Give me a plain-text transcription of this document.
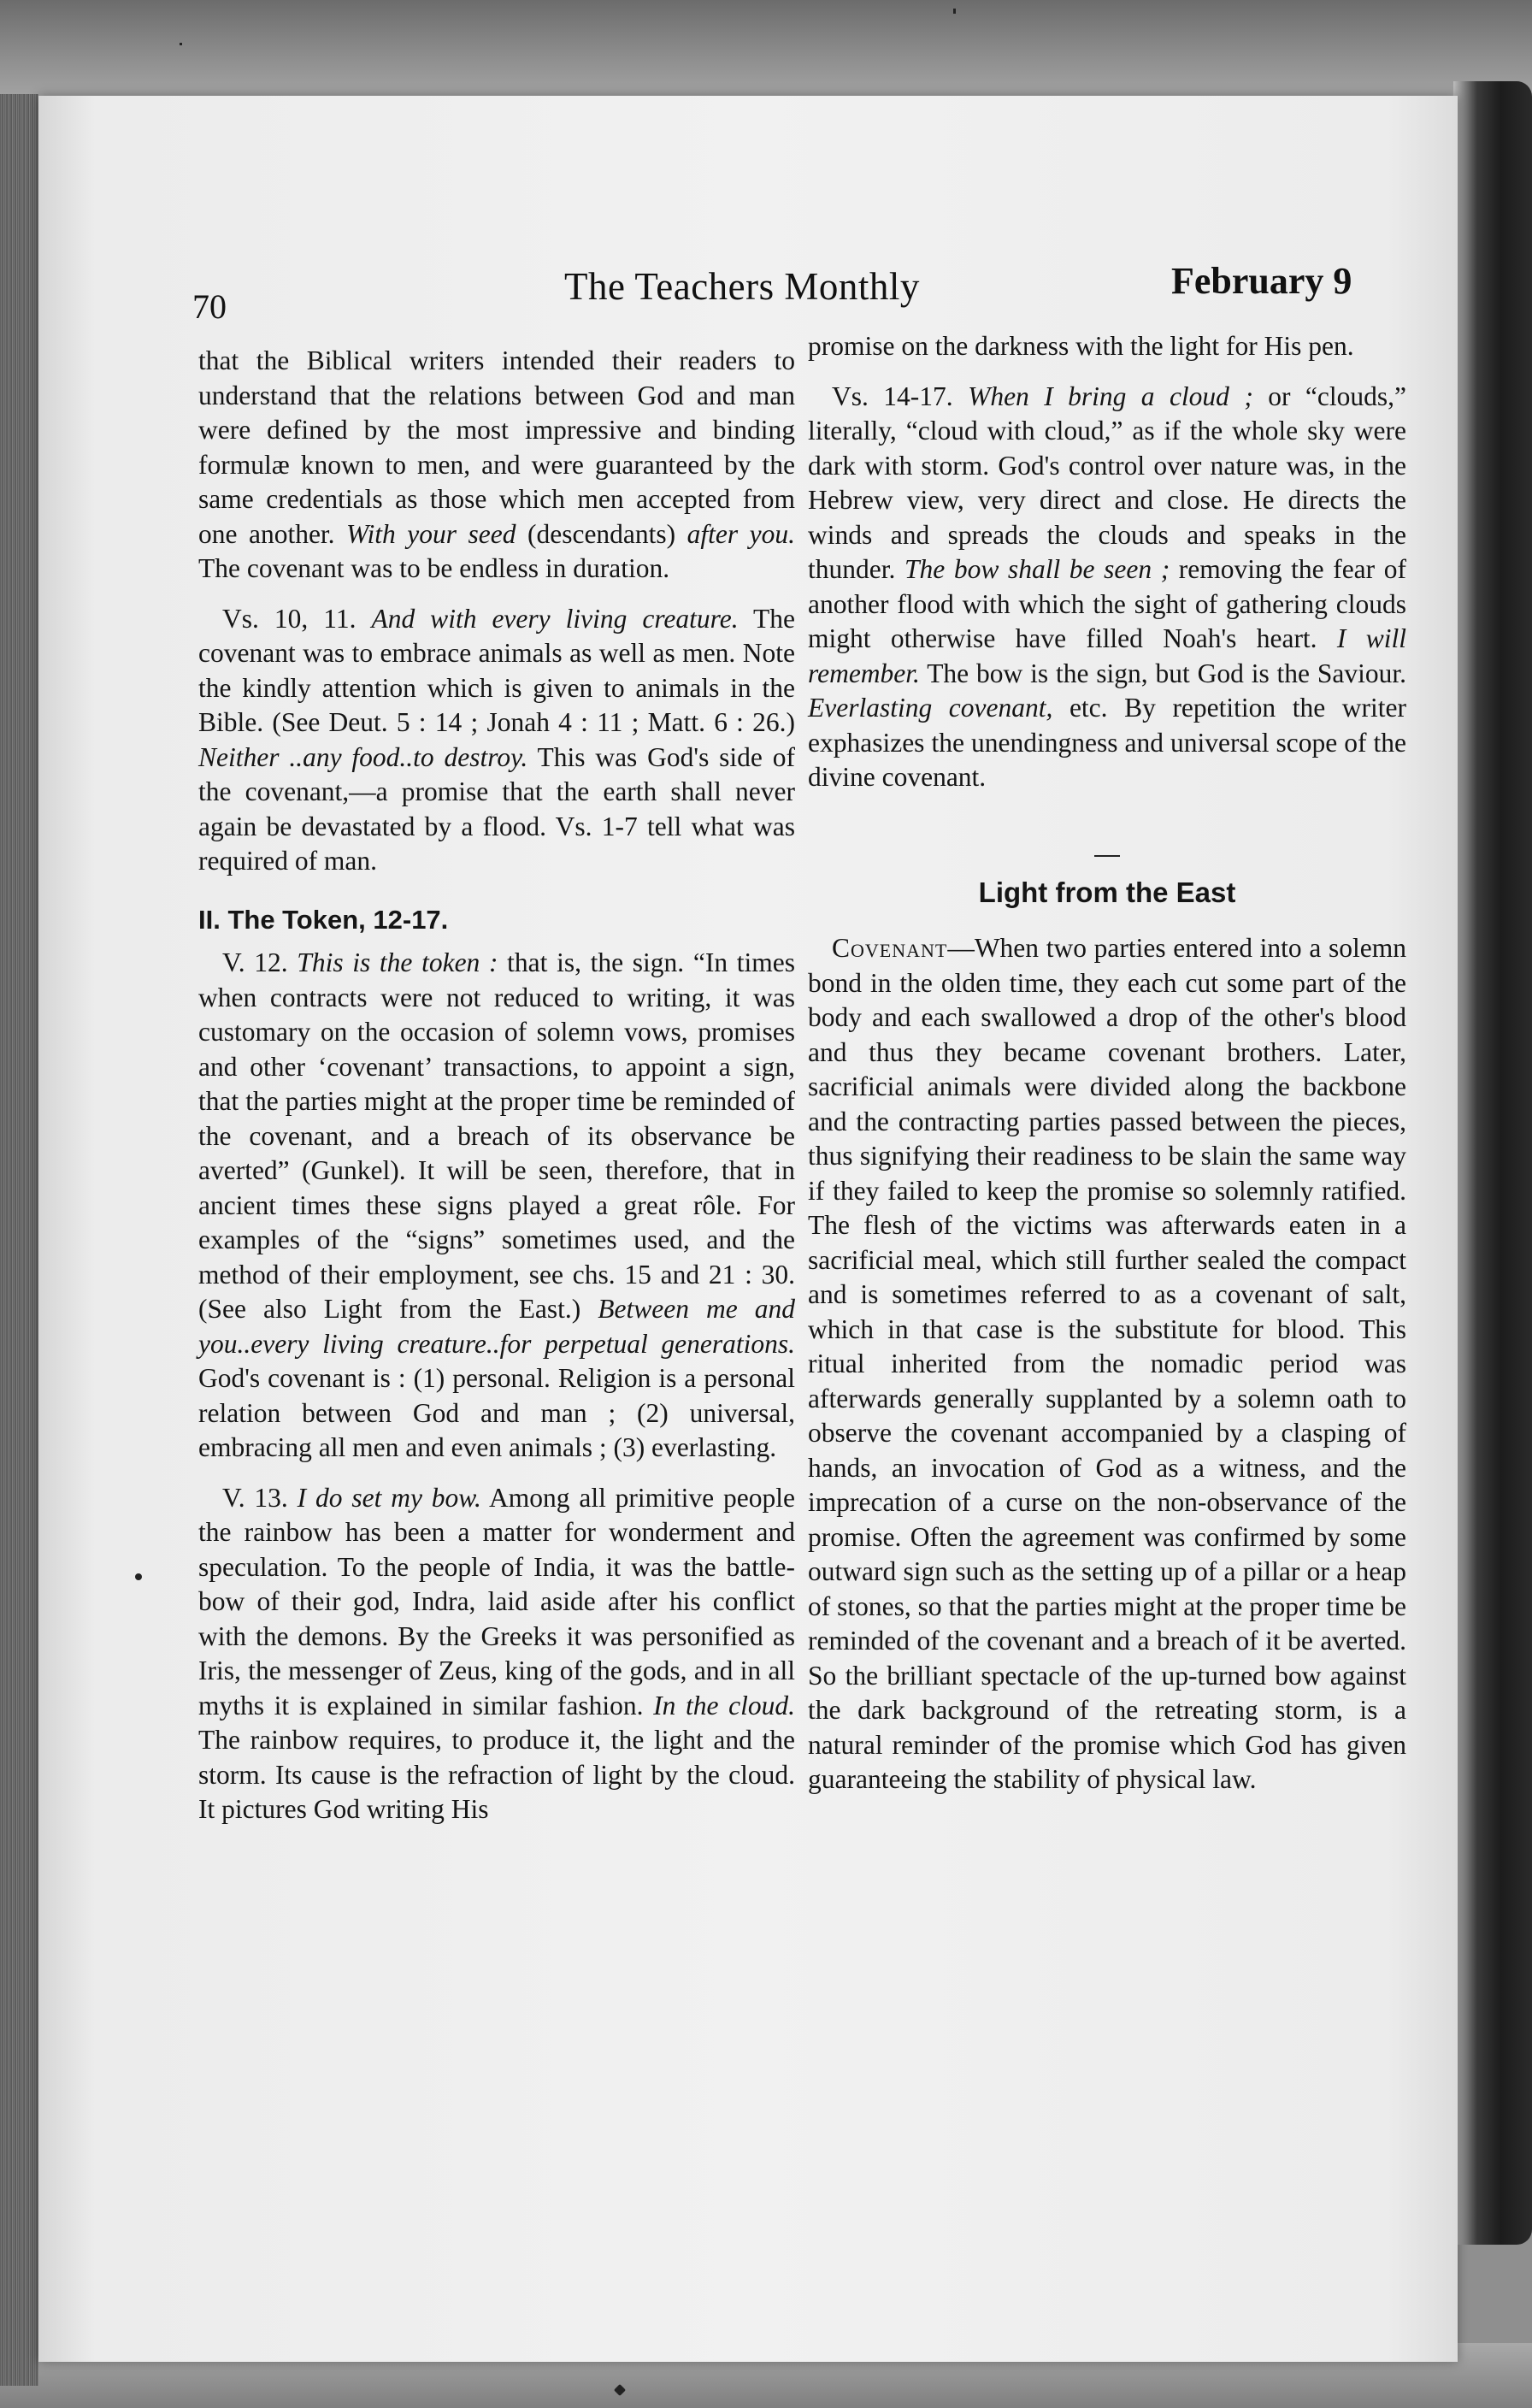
70	The Teachers Monthly	February 9

that the Biblical writers intended their readers to understand that the relations between God and man were defined by the most impressive and binding formulæ known to men, and were guaranteed by the same credentials as those which men accepted from one another. With your seed (descendants) after you. The covenant was to be endless in duration.

Vs. 10, 11. And with every living creature. The covenant was to embrace animals as well as men. Note the kindly attention which is given to animals in the Bible. (See Deut. 5 : 14 ; Jonah 4 : 11 ; Matt. 6 : 26.) Neither ..any food..to destroy. This was God's side of the covenant,—a promise that the earth shall never again be devastated by a flood. Vs. 1-7 tell what was required of man.

II. The Token, 12-17.

V. 12. This is the token : that is, the sign. “In times when contracts were not reduced to writing, it was customary on the occasion of solemn vows, promises and other ‘covenant’ transactions, to appoint a sign, that the parties might at the proper time be reminded of the covenant, and a breach of its observance be averted” (Gunkel). It will be seen, therefore, that in ancient times these signs played a great rôle. For examples of the “signs” sometimes used, and the method of their employment, see chs. 15 and 21 : 30. (See also Light from the East.) Between me and you..every living creature..for perpetual generations. God's covenant is : (1) personal. Religion is a personal relation between God and man ; (2) universal, embracing all men and even animals ; (3) everlasting.

V. 13. I do set my bow. Among all primitive people the rainbow has been a matter for wonderment and speculation. To the people of India, it was the battle-bow of their god, Indra, laid aside after his conflict with the demons. By the Greeks it was personified as Iris, the messenger of Zeus, king of the gods, and in all myths it is explained in similar fashion. In the cloud. The rainbow requires, to produce it, the light and the storm. Its cause is the refraction of light by the cloud. It pictures God writing His

promise on the darkness with the light for His pen.

Vs. 14-17. When I bring a cloud ; or “clouds,” literally, “cloud with cloud,” as if the whole sky were dark with storm. God's control over nature was, in the Hebrew view, very direct and close. He directs the winds and spreads the clouds and speaks in the thunder. The bow shall be seen ; removing the fear of another flood with which the sight of gathering clouds might otherwise have filled Noah's heart. I will remember. The bow is the sign, but God is the Saviour. Everlasting covenant, etc. By repetition the writer exphasizes the unendingness and universal scope of the divine covenant.

Light from the East

Covenant—When two parties entered into a solemn bond in the olden time, they each cut some part of the body and each swallowed a drop of the other's blood and thus they became covenant brothers. Later, sacrificial animals were divided along the backbone and the contracting parties passed between the pieces, thus signifying their readiness to be slain the same way if they failed to keep the promise so solemnly ratified. The flesh of the victims was afterwards eaten in a sacrificial meal, which still further sealed the compact and is sometimes referred to as a covenant of salt, which in that case is the substitute for blood. This ritual inherited from the nomadic period was afterwards generally supplanted by a solemn oath to observe the covenant accompanied by a clasping of hands, an invocation of God as a witness, and the imprecation of a curse on the non-observance of the promise. Often the agreement was confirmed by some outward sign such as the setting up of a pillar or a heap of stones, so that the parties might at the proper time be reminded of the covenant and a breach of it be averted. So the brilliant spectacle of the up-turned bow against the dark background of the retreating storm, is a natural reminder of the promise which God has given guaranteeing the stability of physical law.
